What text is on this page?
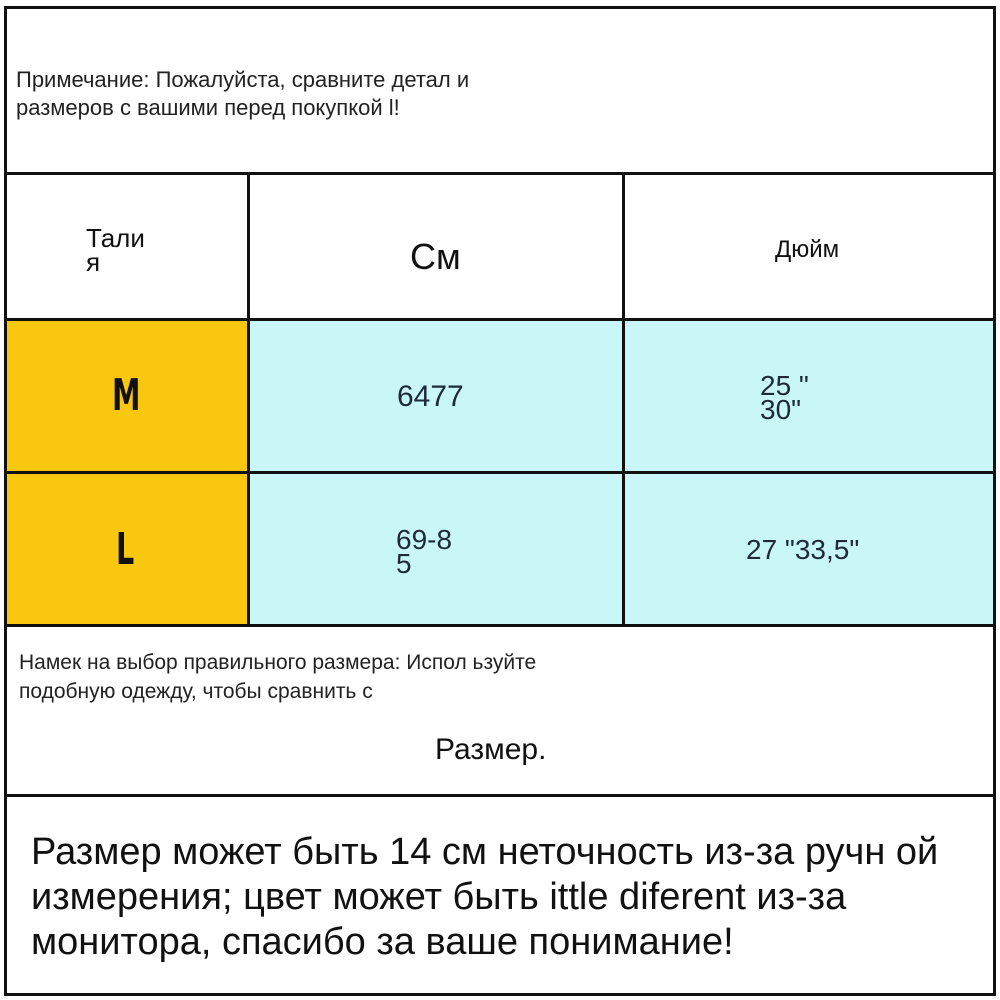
Примечание: Пожалуйста, сравните детал и размеров с вашими перед покупкой l!
Талия	См	Дюйм
M	6477	25 " 30"
L	69-85	27 "33,5"
Намек на выбор правильного размера: Испол ьзуйте подобную одежду, чтобы сравнить с
Размер.
Размер может быть 14 см неточность из-за ручн ой измерения; цвет может быть ittle diferent из-за монитора, спасибо за ваше понимание!
